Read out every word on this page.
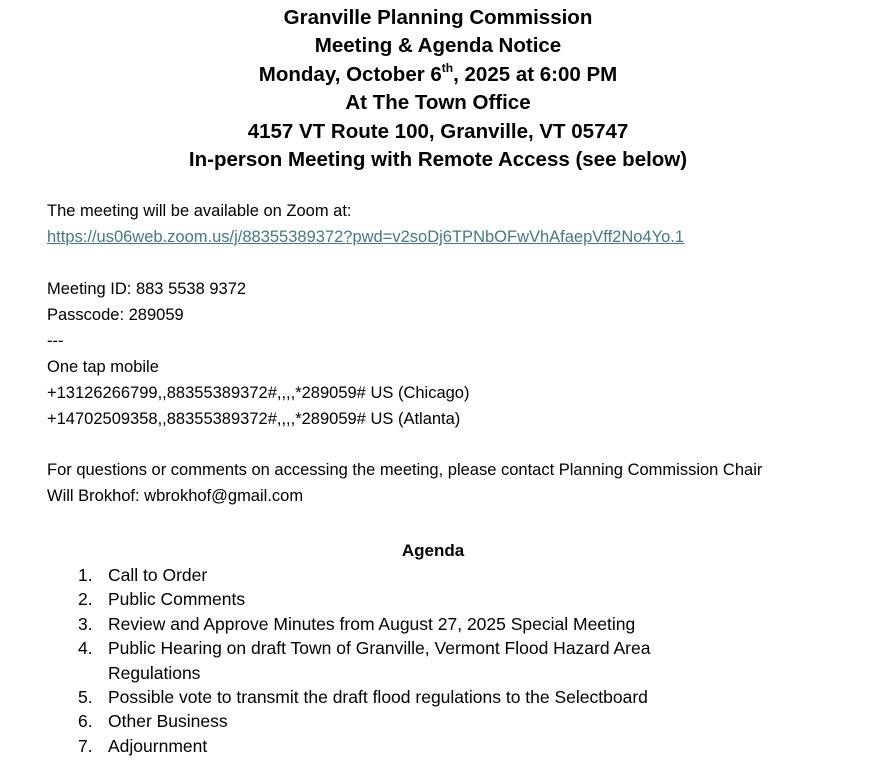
Granville Planning Commission
Meeting & Agenda Notice
Monday, October 6th, 2025 at 6:00 PM
At The Town Office
4157 VT Route 100, Granville, VT 05747
In-person Meeting with Remote Access (see below)
The meeting will be available on Zoom at:
https://us06web.zoom.us/j/88355389372?pwd=v2soDj6TPNbOFwVhAfaepVff2No4Yo.1
Meeting ID: 883 5538 9372
Passcode: 289059
---
One tap mobile
+13126266799,,88355389372#,,,,*289059# US (Chicago)
+14702509358,,88355389372#,,,,*289059# US (Atlanta)
For questions or comments on accessing the meeting, please contact Planning Commission Chair
Will Brokhof: wbrokhof@gmail.com
Agenda
1. Call to Order
2. Public Comments
3. Review and Approve Minutes from August 27, 2025 Special Meeting
4. Public Hearing on draft Town of Granville, Vermont Flood Hazard Area Regulations
5. Possible vote to transmit the draft flood regulations to the Selectboard
6. Other Business
7. Adjournment
